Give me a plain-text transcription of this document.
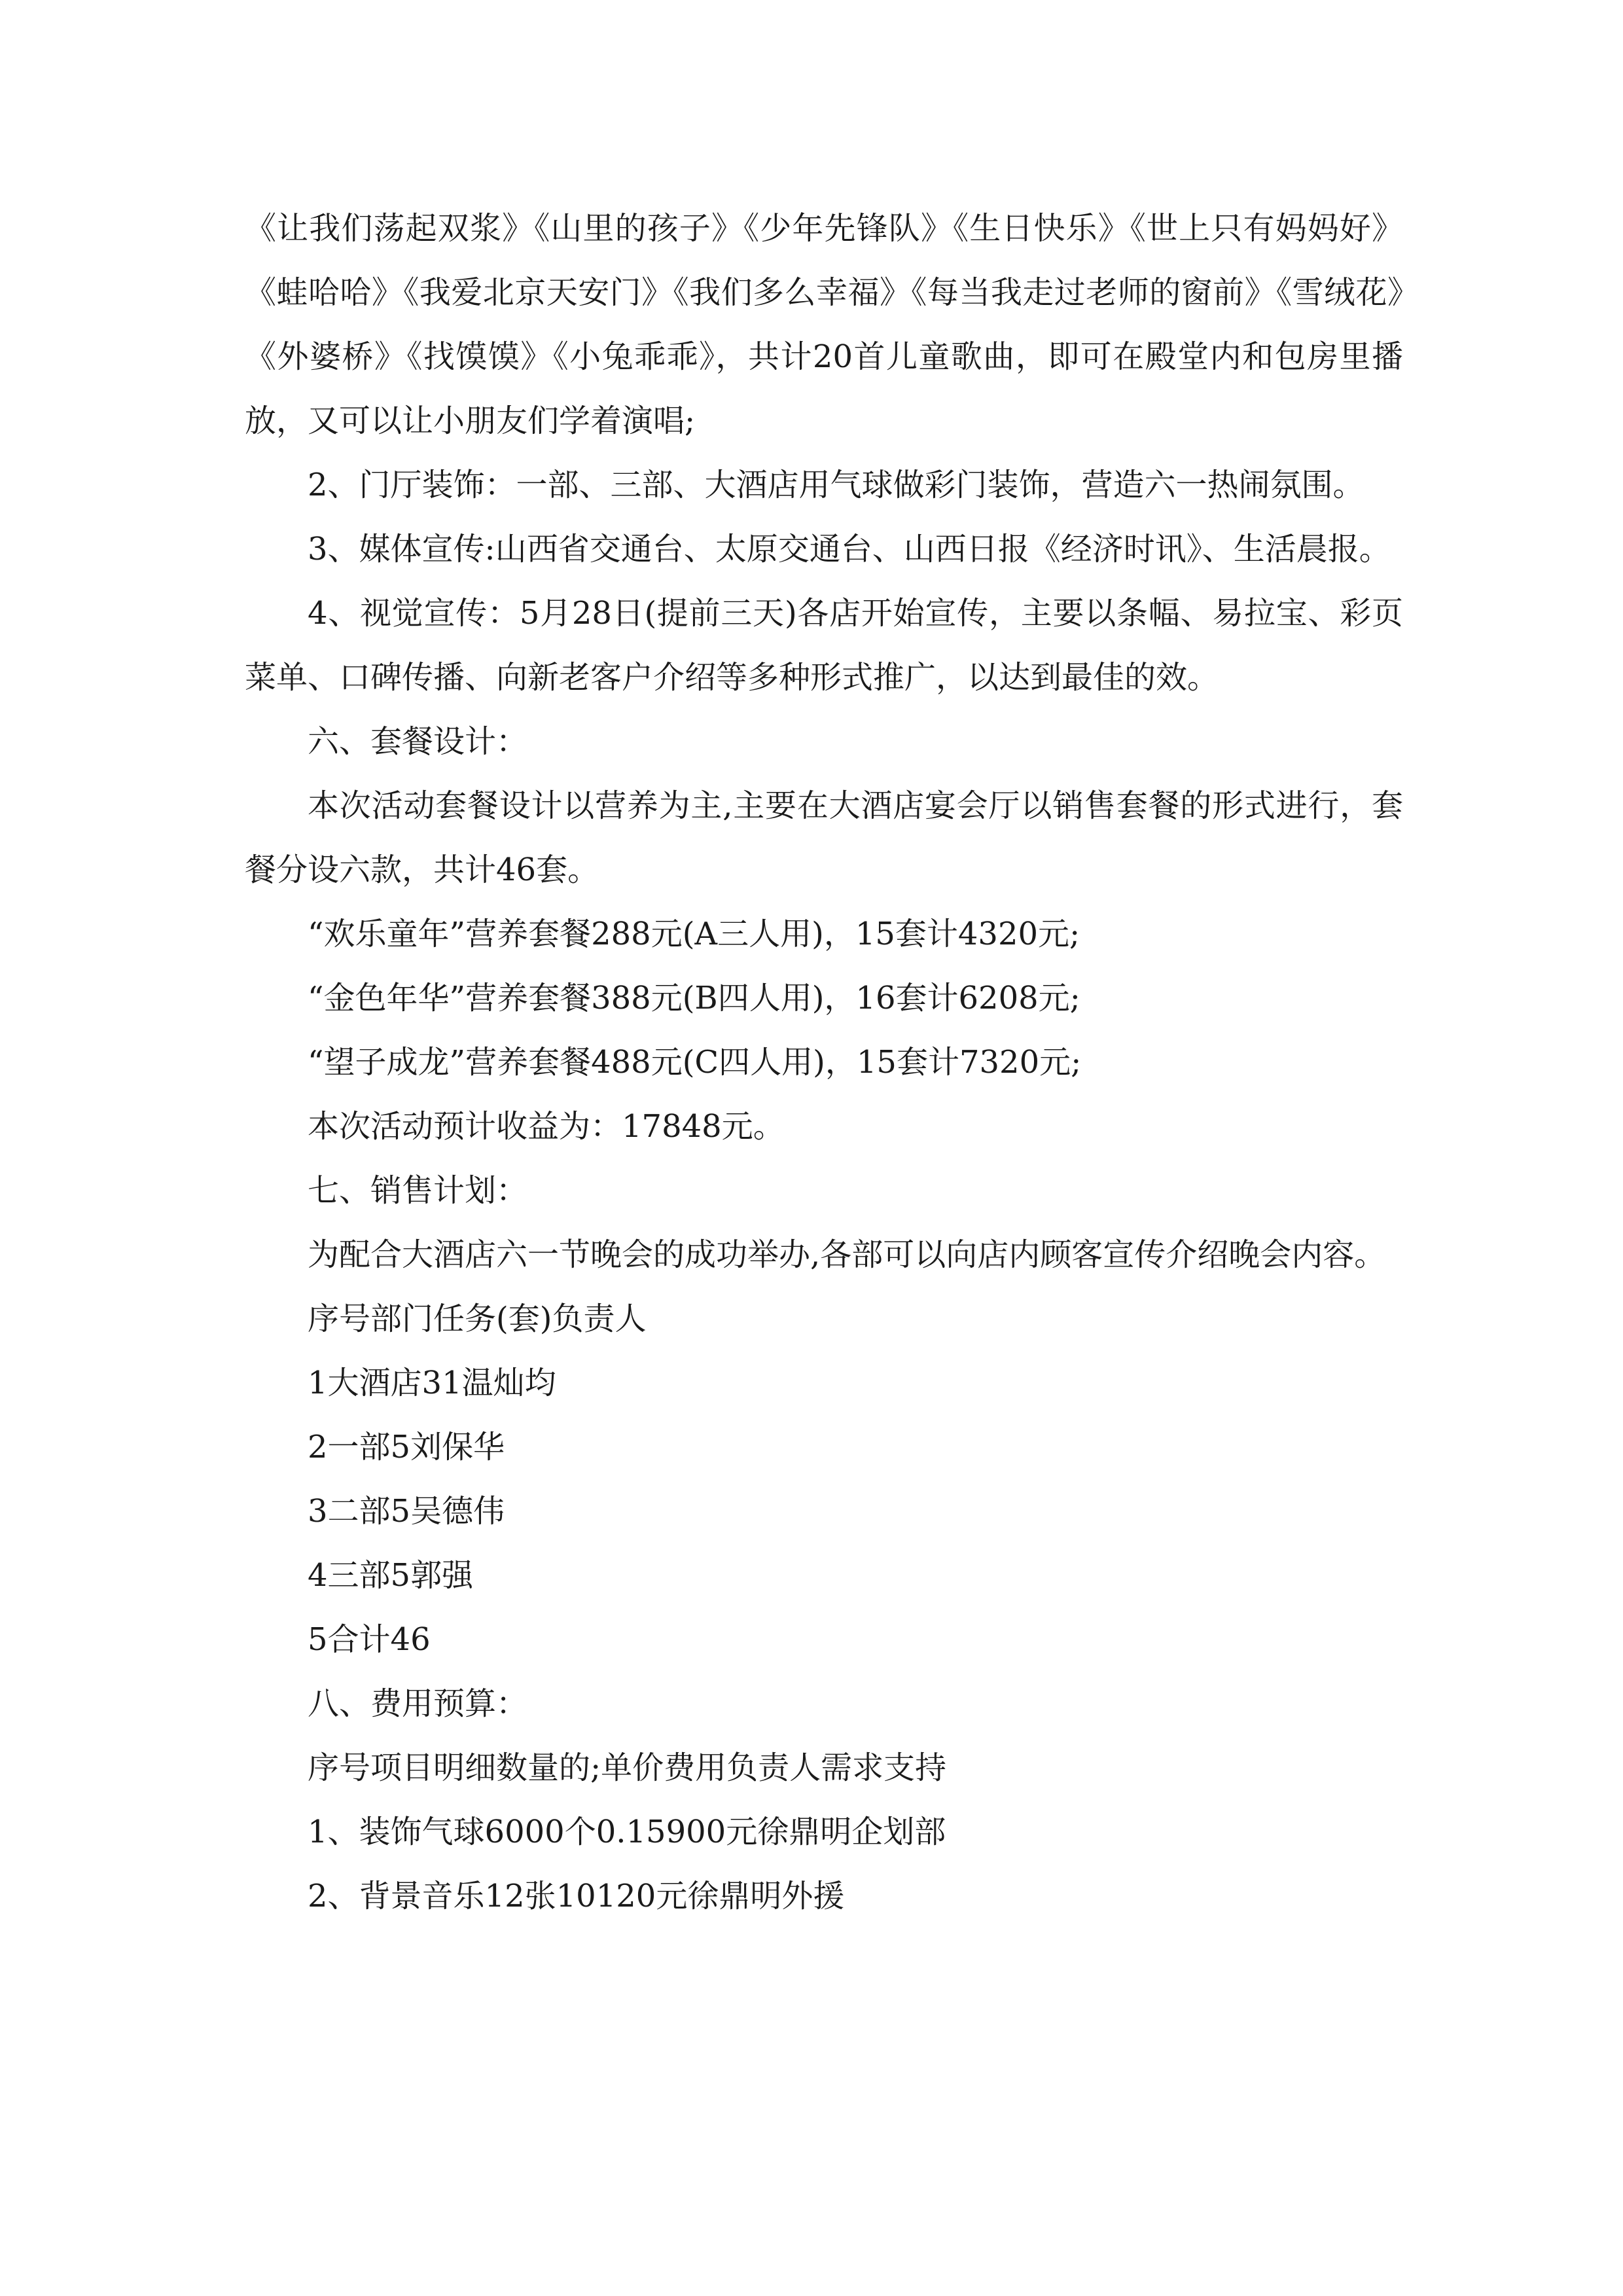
《让我们荡起双浆》《山里的孩子》《少年先锋队》《生日快乐》《世上只有妈妈好》《蛙哈哈》《我爱北京天安门》《我们多么幸福》《每当我走过老师的窗前》《雪绒花》《外婆桥》《找馍馍》《小兔乖乖》，共计20首儿童歌曲，即可在殿堂内和包房里播放，又可以让小朋友们学着演唱;

2、门厅装饰：一部、三部、大酒店用气球做彩门装饰，营造六一热闹氛围。

3、媒体宣传:山西省交通台、太原交通台、山西日报《经济时讯》、生活晨报。

4、视觉宣传：5月28日(提前三天)各店开始宣传，主要以条幅、易拉宝、彩页菜单、口碑传播、向新老客户介绍等多种形式推广，以达到最佳的效。

六、套餐设计：

本次活动套餐设计以营养为主,主要在大酒店宴会厅以销售套餐的形式进行，套餐分设六款，共计46套。

“欢乐童年”营养套餐288元(A三人用)，15套计4320元;

“金色年华”营养套餐388元(B四人用)，16套计6208元;

“望子成龙”营养套餐488元(C四人用)，15套计7320元;

本次活动预计收益为：17848元。

七、销售计划：

为配合大酒店六一节晚会的成功举办,各部可以向店内顾客宣传介绍晚会内容。

序号部门任务(套)负责人

1大酒店31温灿均

2一部5刘保华

3二部5吴德伟

4三部5郭强

5合计46

八、费用预算：

序号项目明细数量的;单价费用负责人需求支持

1、装饰气球6000个0.15900元徐鼎明企划部

2、背景音乐12张10120元徐鼎明外援
